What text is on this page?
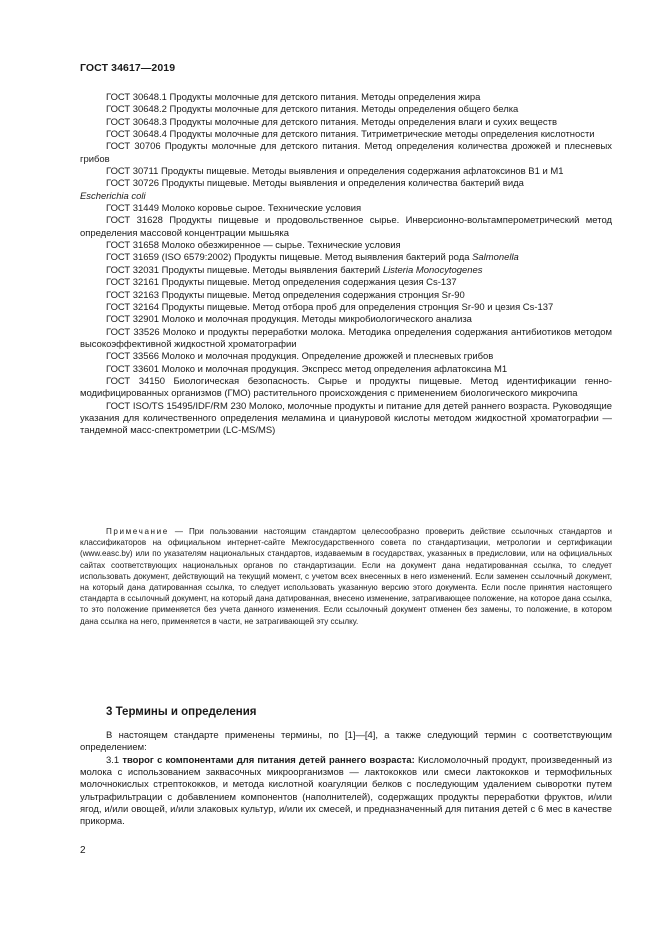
ГОСТ 34617—2019

ГОСТ 30648.1 Продукты молочные для детского питания. Методы определения жира

ГОСТ 30648.2 Продукты молочные для детского питания. Методы определения общего белка

ГОСТ 30648.3 Продукты молочные для детского питания. Методы определения влаги и сухих веществ

ГОСТ 30648.4 Продукты молочные для детского питания. Титриметрические методы определения кислотности

ГОСТ 30706 Продукты молочные для детского питания. Метод определения количества дрожжей и плесневых грибов

ГОСТ 30711 Продукты пищевые. Методы выявления и определения содержания афлатоксинов B1 и M1

ГОСТ 30726 Продукты пищевые. Методы выявления и определения количества бактерий вида
Escherichia coli

ГОСТ 31449 Молоко коровье сырое. Технические условия

ГОСТ 31628 Продукты пищевые и продовольственное сырье. Инверсионно-вольтамперометрический метод определения массовой концентрации мышьяка

ГОСТ 31658 Молоко обезжиренное — сырье. Технические условия

ГОСТ 31659 (ISO 6579:2002) Продукты пищевые. Метод выявления бактерий рода Salmonella

ГОСТ 32031 Продукты пищевые. Методы выявления бактерий Listeria Monocytogenes

ГОСТ 32161 Продукты пищевые. Метод определения содержания цезия Cs-137

ГОСТ 32163 Продукты пищевые. Метод определения содержания стронция Sr-90

ГОСТ 32164 Продукты пищевые. Метод отбора проб для определения стронция Sr-90 и цезия Cs-137

ГОСТ 32901 Молоко и молочная продукция. Методы микробиологического анализа

ГОСТ 33526 Молоко и продукты переработки молока. Методика определения содержания антибиотиков методом высокоэффективной жидкостной хроматографии

ГОСТ 33566 Молоко и молочная продукция. Определение дрожжей и плесневых грибов

ГОСТ 33601 Молоко и молочная продукция. Экспресс метод определения афлатоксина M1

ГОСТ 34150 Биологическая безопасность. Сырье и продукты пищевые. Метод идентификации генно-модифицированных организмов (ГМО) растительного происхождения с применением биологического микрочипа

ГОСТ ISO/TS 15495/IDF/RM 230 Молоко, молочные продукты и питание для детей раннего возраста. Руководящие указания для количественного определения меламина и циануровой кислоты методом жидкостной хроматографии — тандемной масс-спектрометрии (LC-MS/MS)

Примечание — При пользовании настоящим стандартом целесообразно проверить действие ссылочных стандартов и классификаторов на официальном интернет-сайте Межгосударственного совета по стандартизации, метрологии и сертификации (www.easc.by) или по указателям национальных стандартов, издаваемым в государствах, указанных в предисловии, или на официальных сайтах соответствующих национальных органов по стандартизации. Если на документ дана недатированная ссылка, то следует использовать документ, действующий на текущий момент, с учетом всех внесенных в него изменений. Если заменен ссылочный документ, на который дана датированная ссылка, то следует использовать указанную версию этого документа. Если после принятия настоящего стандарта в ссылочный документ, на который дана датированная, внесено изменение, затрагивающее положение, на которое дана ссылка, то это положение применяется без учета данного изменения. Если ссылочный документ отменен без замены, то положение, в котором дана ссылка на него, применяется в части, не затрагивающей эту ссылку.

3 Термины и определения

В настоящем стандарте применены термины, по [1]—[4], а также следующий термин с соответствующим определением:

3.1 творог с компонентами для питания детей раннего возраста: Кисломолочный продукт, произведенный из молока с использованием заквасочных микроорганизмов — лактококков или смеси лактококков и термофильных молочнокислых стрептококков, и метода кислотной коагуляции белков с последующим удалением сыворотки путем ультрафильтрации с добавлением компонентов (наполнителей), содержащих продукты переработки фруктов, и/или ягод, и/или овощей, и/или злаковых культур, и/или их смесей, и предназначенный для питания детей с 6 мес в качестве прикорма.

2
